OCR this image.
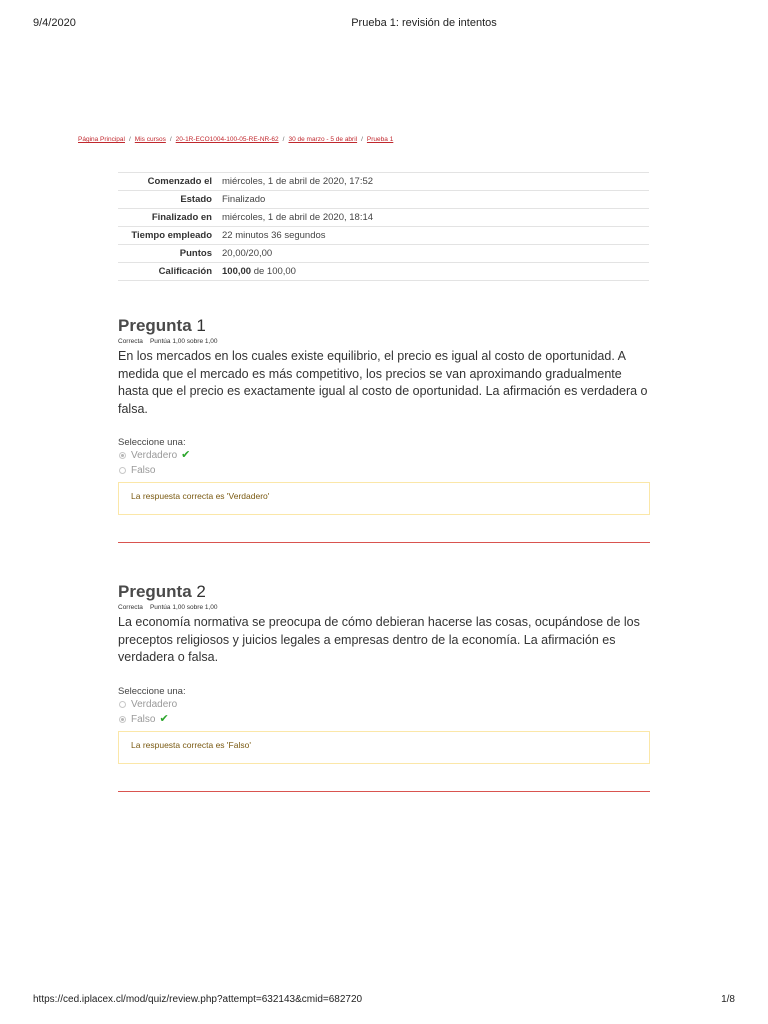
9/4/2020	Prueba 1: revisión de intentos
Página Principal / Mis cursos / 20-1R-ECO1004-100-05-RE-NR-62 / 30 de marzo - 5 de abril / Prueba 1
Comenzado el	miércoles, 1 de abril de 2020, 17:52
Estado	Finalizado
Finalizado en	miércoles, 1 de abril de 2020, 18:14
Tiempo empleado	22 minutos 36 segundos
Puntos	20,00/20,00
Calificación	100,00 de 100,00
Pregunta 1
Correcta Puntúa 1,00 sobre 1,00
En los mercados en los cuales existe equilibrio, el precio es igual al costo de oportunidad. A medida que el mercado es más competitivo, los precios se van aproximando gradualmente hasta que el precio es exactamente igual al costo de oportunidad. La afirmación es verdadera o falsa.
Seleccione una:
Verdadero ✔
Falso
La respuesta correcta es 'Verdadero'
Pregunta 2
Correcta Puntúa 1,00 sobre 1,00
La economía normativa se preocupa de cómo debieran hacerse las cosas, ocupándose de los preceptos religiosos y juicios legales a empresas dentro de la economía. La afirmación es verdadera o falsa.
Seleccione una:
Verdadero
Falso ✔
La respuesta correcta es 'Falso'
https://ced.iplacex.cl/mod/quiz/review.php?attempt=632143&cmid=682720	1/8
